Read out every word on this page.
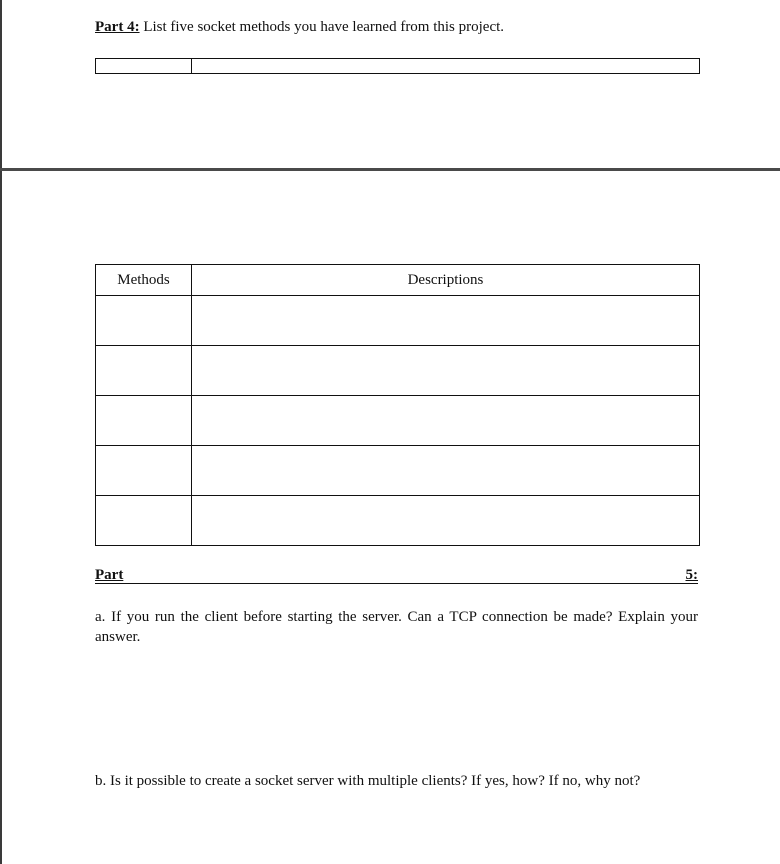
Part 4: List five socket methods you have learned from this project.
Methods	Descriptions

Part	5:
a. If you run the client before starting the server. Can a TCP connection be made? Explain your answer.
b. Is it possible to create a socket server with multiple clients? If yes, how? If no, why not?
